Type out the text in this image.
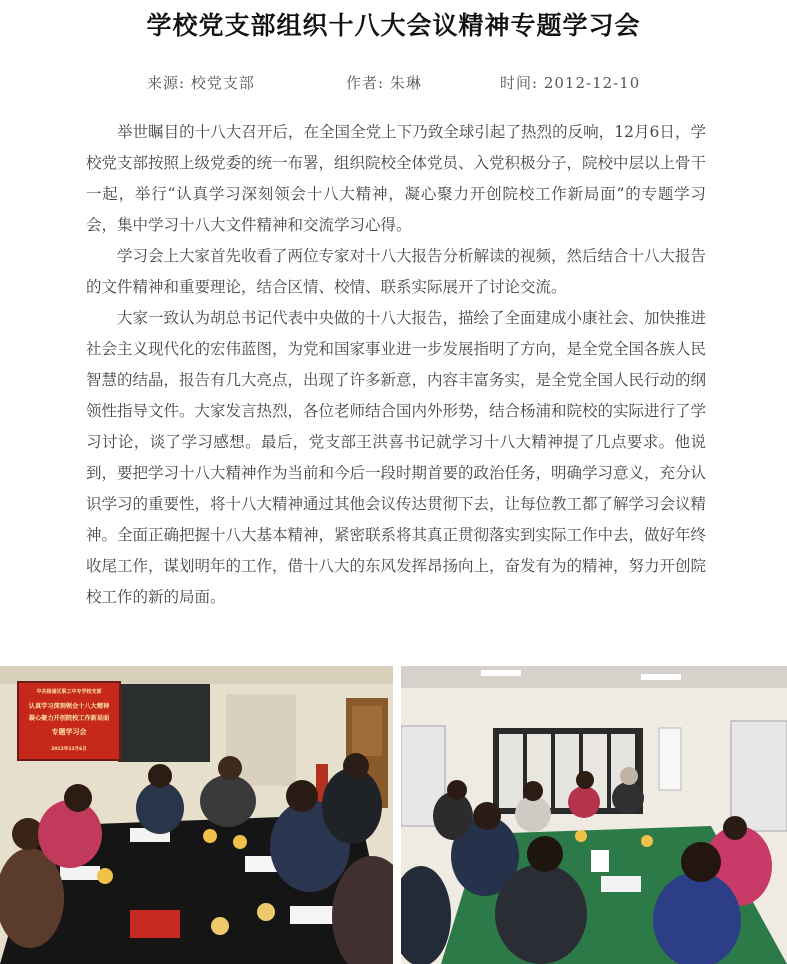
学校党支部组织十八大会议精神专题学习会
来源: 校党支部	作者: 朱琳	时间: 2012-12-10

举世瞩目的十八大召开后，在全国全党上下乃致全球引起了热烈的反响，12月6日，学校党支部按照上级党委的统一布署，组织院校全体党员、入党积极分子，院校中层以上骨干一起，举行“认真学习深刻领会十八大精神，凝心聚力开创院校工作新局面”的专题学习会，集中学习十八大文件精神和交流学习心得。

学习会上大家首先收看了两位专家对十八大报告分析解读的视频，然后结合十八大报告的文件精神和重要理论，结合区情、校情、联系实际展开了讨论交流。

大家一致认为胡总书记代表中央做的十八大报告，描绘了全面建成小康社会、加快推进社会主义现代化的宏伟蓝图，为党和国家事业进一步发展指明了方向，是全党全国各族人民智慧的结晶，报告有几大亮点，出现了许多新意，内容丰富务实，是全党全国人民行动的纲领性指导文件。大家发言热烈，各位老师结合国内外形势，结合杨浦和院校的实际进行了学习讨论，谈了学习感想。最后，党支部王洪喜书记就学习十八大精神提了几点要求。他说到，要把学习十八大精神作为当前和今后一段时期首要的政治任务，明确学习意义，充分认识学习的重要性，将十八大精神通过其他会议传达贯彻下去，让每位教工都了解学习会议精神。全面正确把握十八大基本精神，紧密联系将其真正贯彻落实到实际工作中去，做好年终收尾工作，谋划明年的工作，借十八大的东风发挥昂扬向上，奋发有为的精神，努力开创院校工作的新的局面。

中共杨浦区职工中专学校支部
认真学习深刻领会十八大精神
凝心聚力开创院校工作新局面
专题学习会
2012年12月6日
